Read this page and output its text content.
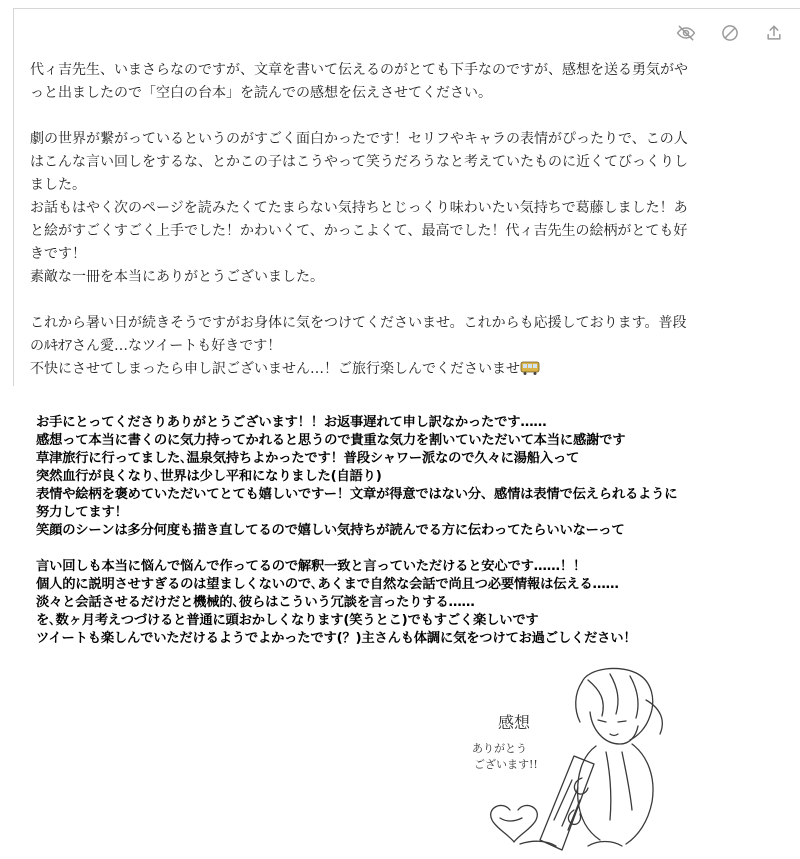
代ィ吉先生、いまさらなのですが、文章を書いて伝えるのがとても下手なのですが、感想を送る勇気がや

っと出ましたので「空白の台本」を読んでの感想を伝えさせてください。

劇の世界が繋がっているというのがすごく面白かったです！セリフやキャラの表情がぴったりで、この人

はこんな言い回しをするな、とかこの子はこうやって笑うだろうなと考えていたものに近くてびっくりし

ました。

お話もはやく次のページを読みたくてたまらない気持ちとじっくり味わいたい気持ちで葛藤しました！あ

と絵がすごくすごく上手でした！かわいくて、かっこよくて、最高でした！代ィ吉先生の絵柄がとても好

きです！

素敵な一冊を本当にありがとうございました。

これから暑い日が続きそうですがお身体に気をつけてくださいませ。これからも応援しております。普段

のﾙｷｵｱさん愛…なツイートも好きです！

不快にさせてしまったら申し訳ございません…！ご旅行楽しんでくださいませ

お手にとってくださりありがとうございます！！お返事遅れて申し訳なかったです……

感想って本当に書くのに気力持ってかれると思うので貴重な気力を割いていただいて本当に感謝です

草津旅行に行ってました､温泉気持ちよかったです！普段シャワー派なので久々に湯船入って

突然血行が良くなり､世界は少し平和になりました(自語り)

表情や絵柄を褒めていただいてとても嬉しいですー！文章が得意ではない分、感情は表情で伝えられるように

努力してます！

笑顔のシーンは多分何度も描き直してるので嬉しい気持ちが読んでる方に伝わってたらいいなーって

言い回しも本当に悩んで悩んで作ってるので解釈一致と言っていただけると安心です……！！

個人的に説明させすぎるのは望ましくないので､あくまで自然な会話で尚且つ必要情報は伝える……

淡々と会話させるだけだと機械的､彼らはこういう冗談を言ったりする……

を､数ヶ月考えつづけると普通に頭おかしくなります(笑うとこ)でもすごく楽しいです

ツイートも楽しんでいただけるようでよかったです(？)主さんも体調に気をつけてお過ごしください！

感想
ありがとう
ございます!!
